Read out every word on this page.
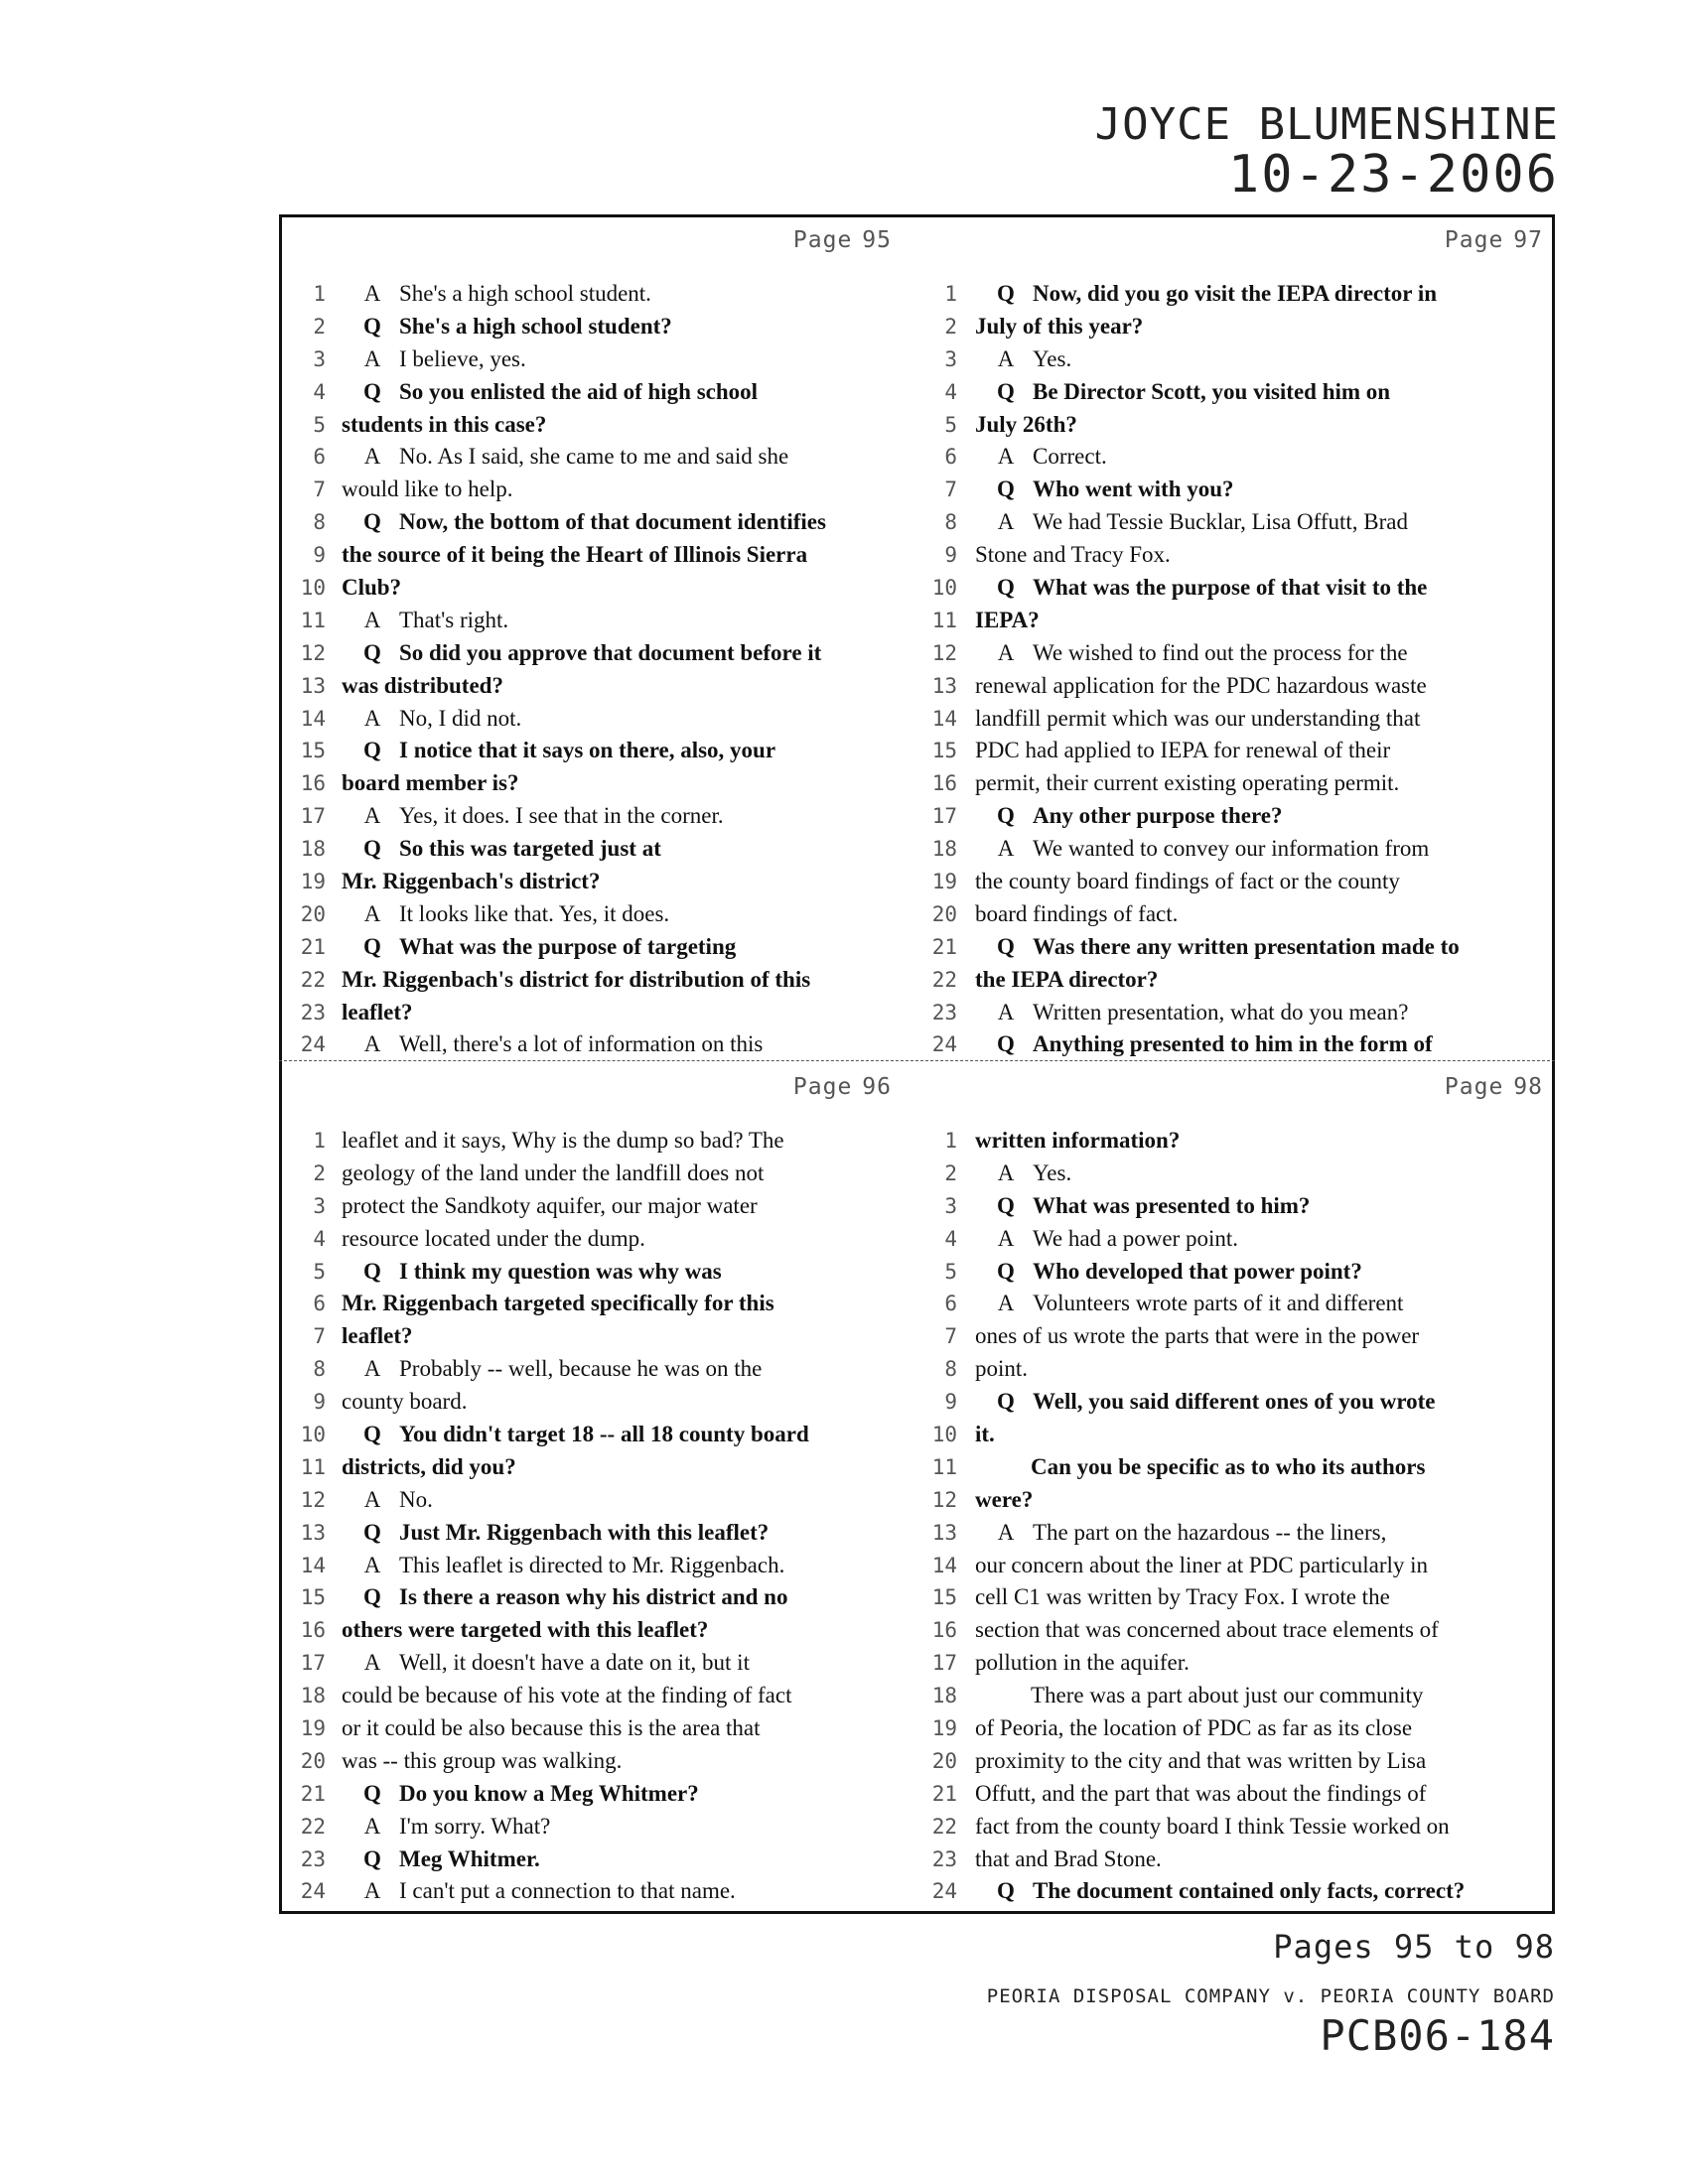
JOYCE BLUMENSHINE
10-23-2006
Page 95
1	A She's a high school student.
2	Q She's a high school student?
3	A I believe, yes.
4	Q So you enlisted the aid of high school
5 students in this case?
6	A No. As I said, she came to me and said she
7 would like to help.
8	Q Now, the bottom of that document identifies
9 the source of it being the Heart of Illinois Sierra
10 Club?
11	A That's right.
12	Q So did you approve that document before it
13 was distributed?
14	A No, I did not.
15	Q I notice that it says on there, also, your
16 board member is?
17	A Yes, it does. I see that in the corner.
18	Q So this was targeted just at
19 Mr. Riggenbach's district?
20	A It looks like that. Yes, it does.
21	Q What was the purpose of targeting
22 Mr. Riggenbach's district for distribution of this
23 leaflet?
24	A Well, there's a lot of information on this
Page 97
1	Q Now, did you go visit the IEPA director in
2 July of this year?
3	A Yes.
4	Q Be Director Scott, you visited him on
5 July 26th?
6	A Correct.
7	Q Who went with you?
8	A We had Tessie Bucklar, Lisa Offutt, Brad
9 Stone and Tracy Fox.
10	Q What was the purpose of that visit to the
11 IEPA?
12	A We wished to find out the process for the
13 renewal application for the PDC hazardous waste
14 landfill permit which was our understanding that
15 PDC had applied to IEPA for renewal of their
16 permit, their current existing operating permit.
17	Q Any other purpose there?
18	A We wanted to convey our information from
19 the county board findings of fact or the county
20 board findings of fact.
21	Q Was there any written presentation made to
22 the IEPA director?
23	A Written presentation, what do you mean?
24	Q Anything presented to him in the form of
Page 96
1 leaflet and it says, Why is the dump so bad? The
2 geology of the land under the landfill does not
3 protect the Sandkoty aquifer, our major water
4 resource located under the dump.
5	Q I think my question was why was
6 Mr. Riggenbach targeted specifically for this
7 leaflet?
8	A Probably -- well, because he was on the
9 county board.
10	Q You didn't target 18 -- all 18 county board
11 districts, did you?
12	A No.
13	Q Just Mr. Riggenbach with this leaflet?
14	A This leaflet is directed to Mr. Riggenbach.
15	Q Is there a reason why his district and no
16 others were targeted with this leaflet?
17	A Well, it doesn't have a date on it, but it
18 could be because of his vote at the finding of fact
19 or it could be also because this is the area that
20 was -- this group was walking.
21	Q Do you know a Meg Whitmer?
22	A I'm sorry. What?
23	Q Meg Whitmer.
24	A I can't put a connection to that name.
Page 98
1 written information?
2	A Yes.
3	Q What was presented to him?
4	A We had a power point.
5	Q Who developed that power point?
6	A Volunteers wrote parts of it and different
7 ones of us wrote the parts that were in the power
8 point.
9	Q Well, you said different ones of you wrote
10 it.
11	Can you be specific as to who its authors
12 were?
13	A The part on the hazardous -- the liners,
14 our concern about the liner at PDC particularly in
15 cell C1 was written by Tracy Fox. I wrote the
16 section that was concerned about trace elements of
17 pollution in the aquifer.
18	There was a part about just our community
19 of Peoria, the location of PDC as far as its close
20 proximity to the city and that was written by Lisa
21 Offutt, and the part that was about the findings of
22 fact from the county board I think Tessie worked on
23 that and Brad Stone.
24	Q The document contained only facts, correct?
Pages 95 to 98
PEORIA DISPOSAL COMPANY v. PEORIA COUNTY BOARD
PCB06-184
